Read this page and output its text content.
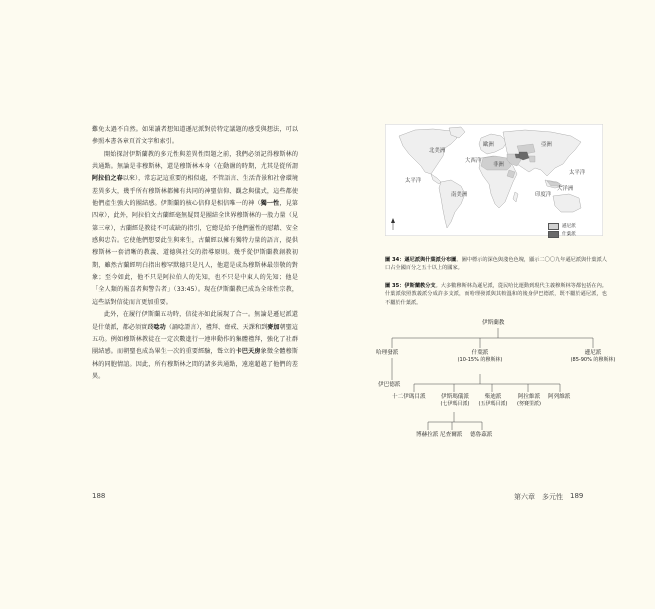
難免太過不自然。如果讀者想知道遜尼派對於特定議題的感受與想法，可以參照本書各章頁首文字和索引。

開始探討伊斯蘭教的多元性與差異性問題之前，我們必須記得穆斯林的共通點。無論是非穆斯林，還是穆斯林本身（在動盪的時期，尤其是從所謂阿拉伯之春以來），常忘記這重要的相似處，不管語言、生活背景和社會環境差異多大，幾乎所有穆斯林都擁有共同的神聖信仰、觀念與儀式，這些都使他們產生強大的團結感。伊斯蘭的核心信仰是相信唯一的神（獨一性，見第四章），此外，阿拉伯文古蘭經毫無疑問是團結全世界穆斯林的一股力量（見第三章），古蘭經是教徒不可或缺的指引，它總是給予他們靈性的慰藉、安全感與忠告。它使他們想要此生與來生，古蘭經以擁有獨特力量的語言，提供穆斯林一套清晰的教義、道德與社交的指導原則。幾乎從伊斯蘭教創教初期，雖然古蘭經明白指出穆罕默德只是凡人，他還是成為穆斯林最崇敬的對象；至今如此，他不只是阿拉伯人的先知，也不只是中東人的先知；他是「全人類的報喜者與警告者」（33:45）。現在伊斯蘭教已成為全球性宗教，這些話對信徒而言更加重要。

此外，在履行伊斯蘭五功時，信徒亦如此展現了合一。無論是遜尼派還是什葉派，都必須實踐唸功（誦唸證言），禮拜、齋戒、天課和到麥加朝聖這五功。例如穆斯林教徒在一定次數進行一連串動作的集體禮拜，強化了社群團結感。而朝聖也成為畢生一次的重要經驗，聳立的卡巴天房象徵全體穆斯林的同胞情誼。因此，所有穆斯林之間的諸多共通點，遠遠超越了他們的差異。

188
北美洲
歐洲	亞洲
太平洋
大西洋
非洲
太平洋
南美洲	印度洋
大洋洲
遜尼派
什葉派
圖 34：遜尼派與什葉派分布圖。圖中標示的深色與淺色色塊，顯示二〇〇九年遜尼派與什葉派人口占全國百分之五十以上的國家。
圖 35：伊斯蘭教分支。大多數穆斯林為遜尼派，從民哈比運動到現代主義穆斯林等都包括在內。什葉派依照教義派分成許多支派，而哈理發派與其較溫和的後身伊巴德派，既不屬於遜尼派，也不屬於什葉派。
伊斯蘭教
哈理發派
伊巴德派
什葉派
(10-15% 的穆斯林)
遜尼派
(85-90% 的穆斯林)
十二伊瑪目派	伊斯瑪儀派
(七伊瑪目派)
柴迪派
(五伊瑪目派)
阿拉維派
(努賽里派)
阿列維派
博赫拉派 尼查爾派 德魯茲派
第六章　多元性 189
